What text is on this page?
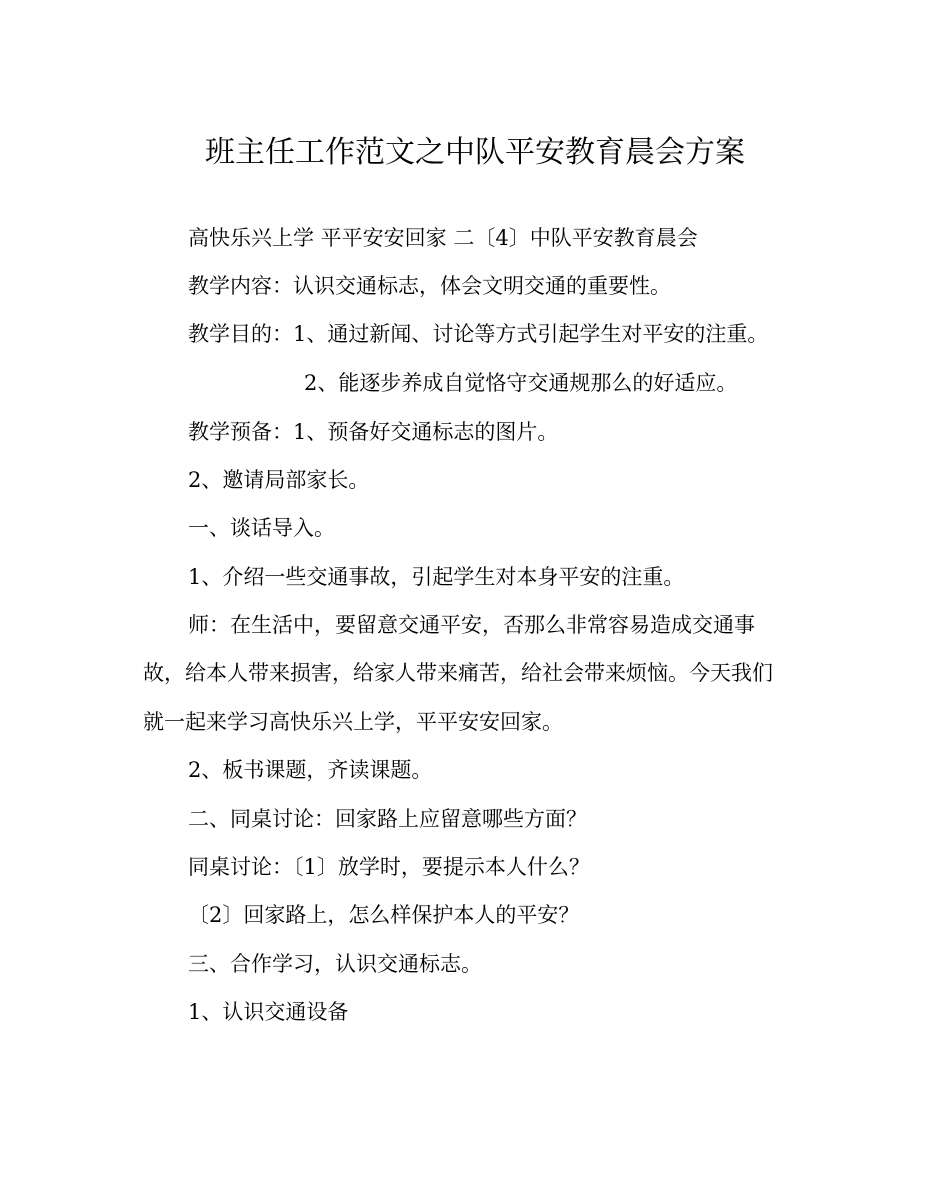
班主任工作范文之中队平安教育晨会方案
高快乐兴上学 平平安安回家 二〔4〕中队平安教育晨会
教学内容：认识交通标志，体会文明交通的重要性。
教学目的：1、通过新闻、讨论等方式引起学生对平安的注重。
2、能逐步养成自觉恪守交通规那么的好适应。
教学预备：1、预备好交通标志的图片。
2、邀请局部家长。
一、谈话导入。
1、介绍一些交通事故，引起学生对本身平安的注重。
师：在生活中，要留意交通平安，否那么非常容易造成交通事
故，给本人带来损害，给家人带来痛苦，给社会带来烦恼。今天我们
就一起来学习高快乐兴上学，平平安安回家。
2、板书课题，齐读课题。
二、同桌讨论：回家路上应留意哪些方面？
同桌讨论：〔1〕放学时，要提示本人什么？
〔2〕回家路上，怎么样保护本人的平安？
三、合作学习，认识交通标志。
1、认识交通设备
